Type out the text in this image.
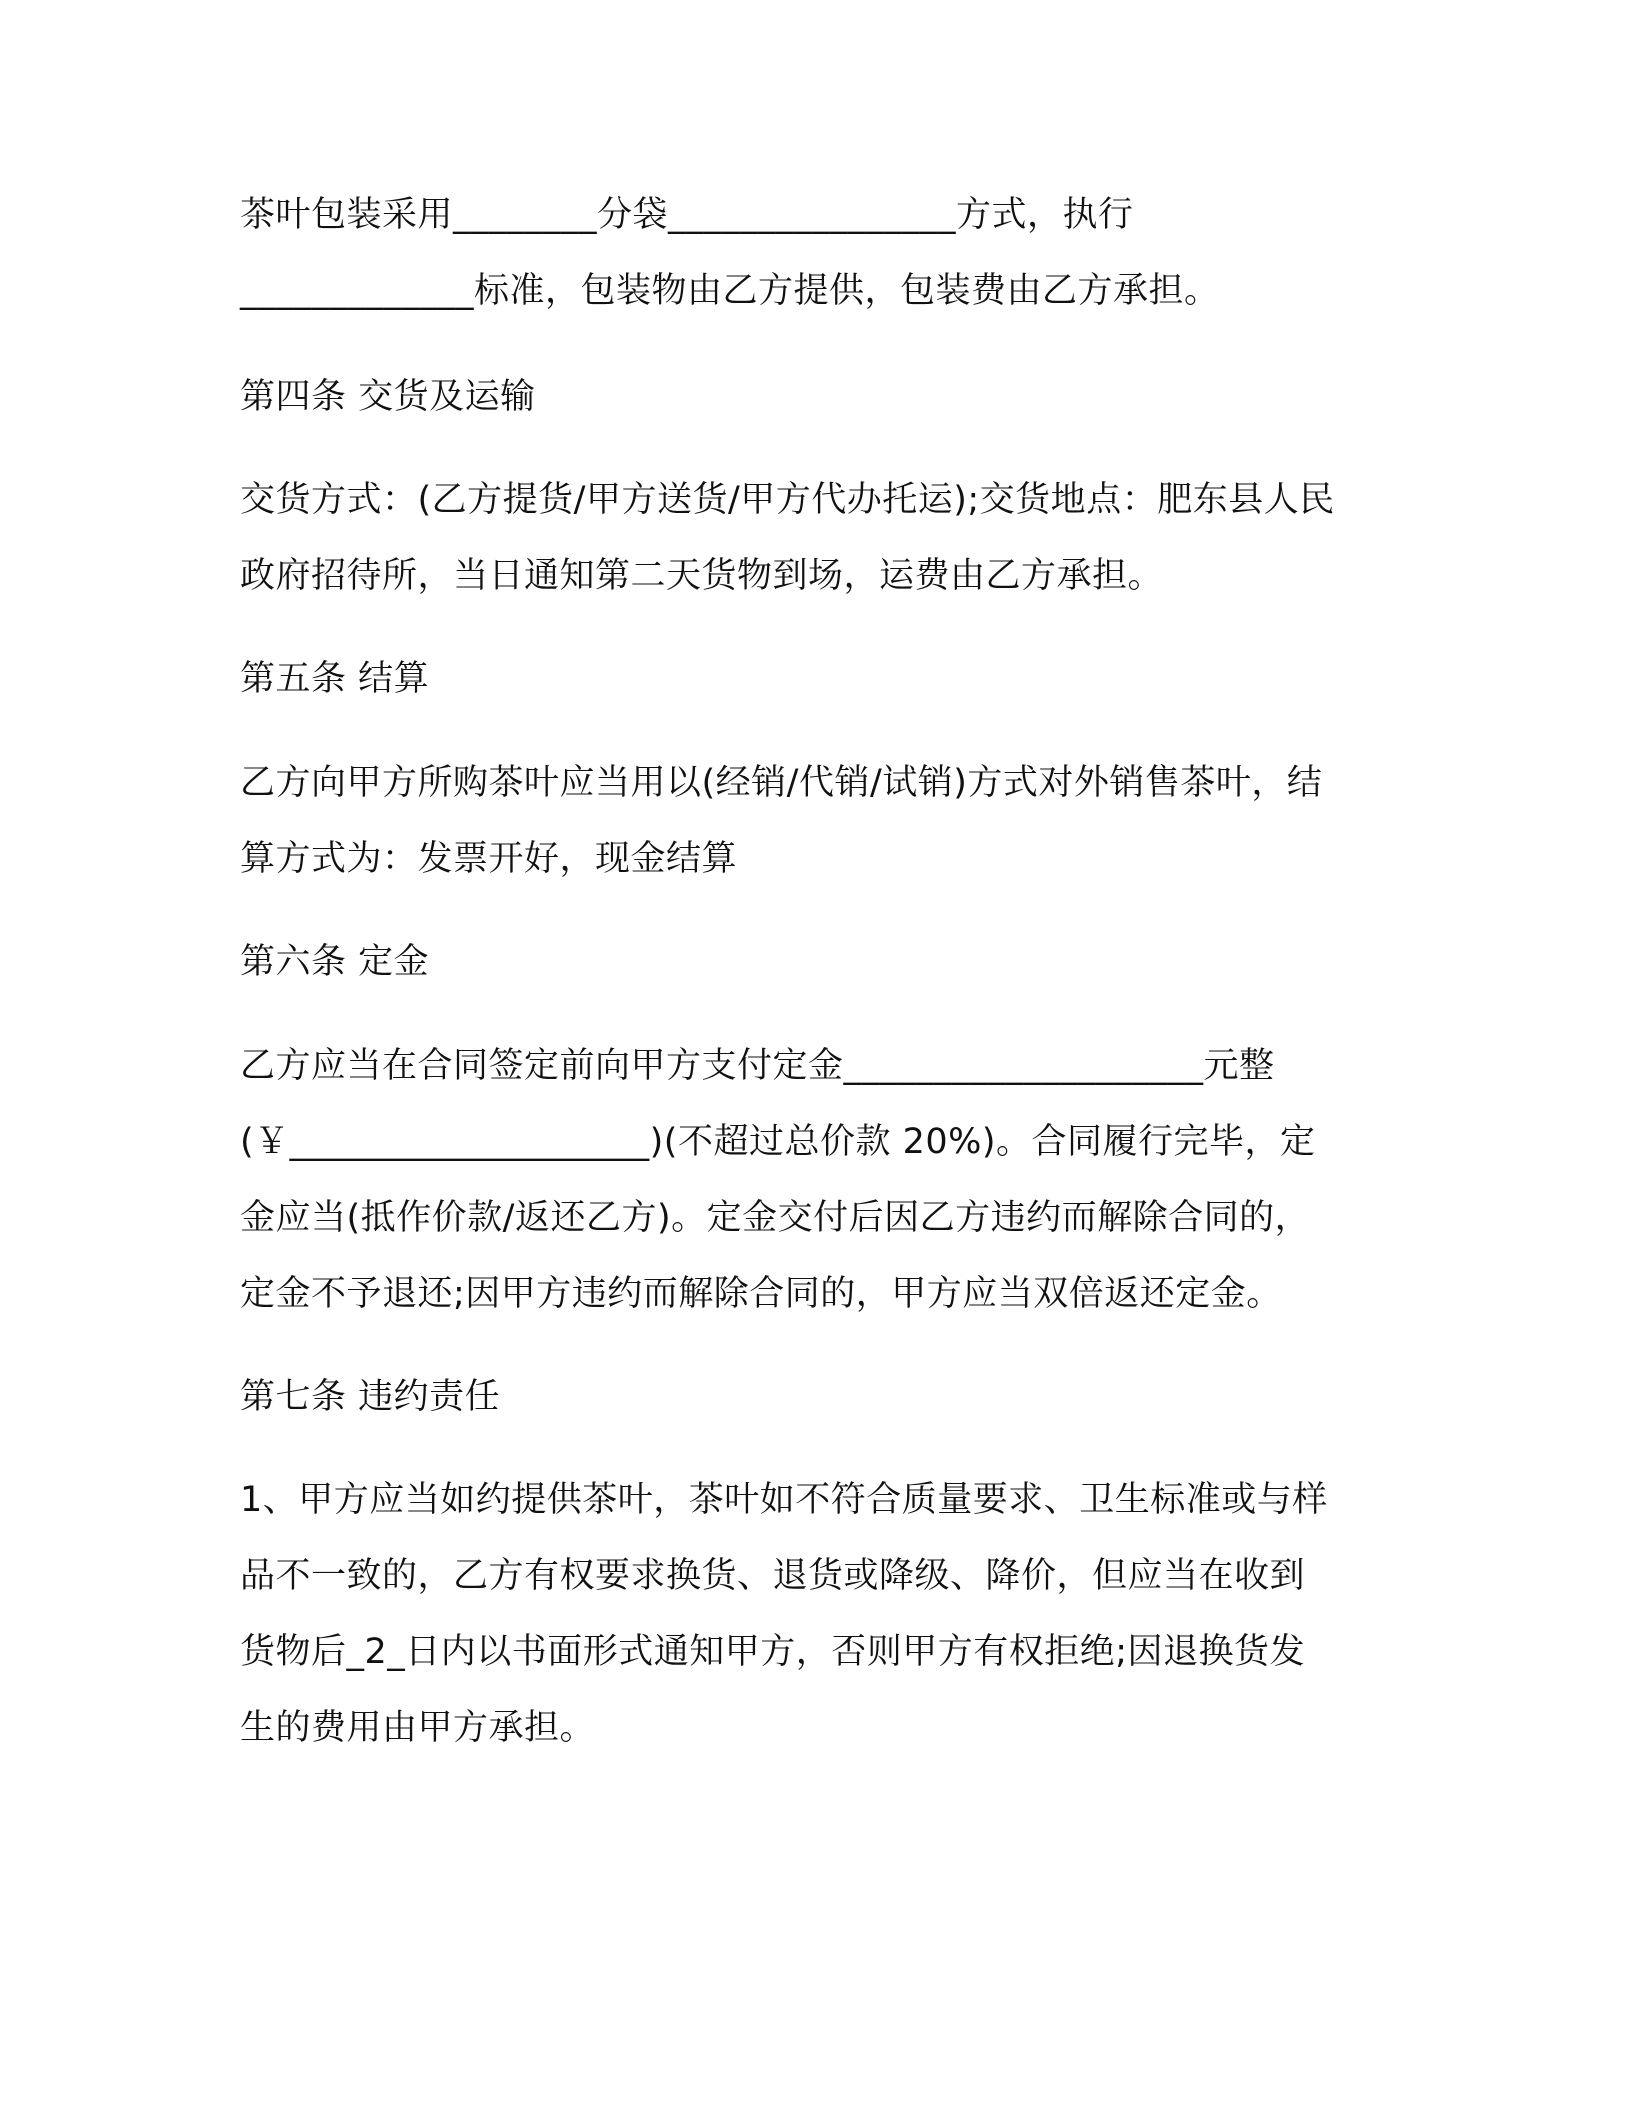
茶叶包装采用________分袋________________方式，执行
_____________标准，包装物由乙方提供，包装费由乙方承担。
第四条 交货及运输
交货方式：(乙方提货/甲方送货/甲方代办托运);交货地点：肥东县人民
政府招待所，当日通知第二天货物到场，运费由乙方承担。
第五条 结算
乙方向甲方所购茶叶应当用以(经销/代销/试销)方式对外销售茶叶，结
算方式为：发票开好，现金结算
第六条 定金
乙方应当在合同签定前向甲方支付定金____________________元整
(￥____________________)(不超过总价款 20%)。合同履行完毕，定
金应当(抵作价款/返还乙方)。定金交付后因乙方违约而解除合同的，
定金不予退还;因甲方违约而解除合同的，甲方应当双倍返还定金。
第七条 违约责任
1、甲方应当如约提供茶叶，茶叶如不符合质量要求、卫生标准或与样
品不一致的，乙方有权要求换货、退货或降级、降价，但应当在收到
货物后_2_日内以书面形式通知甲方，否则甲方有权拒绝;因退换货发
生的费用由甲方承担。
